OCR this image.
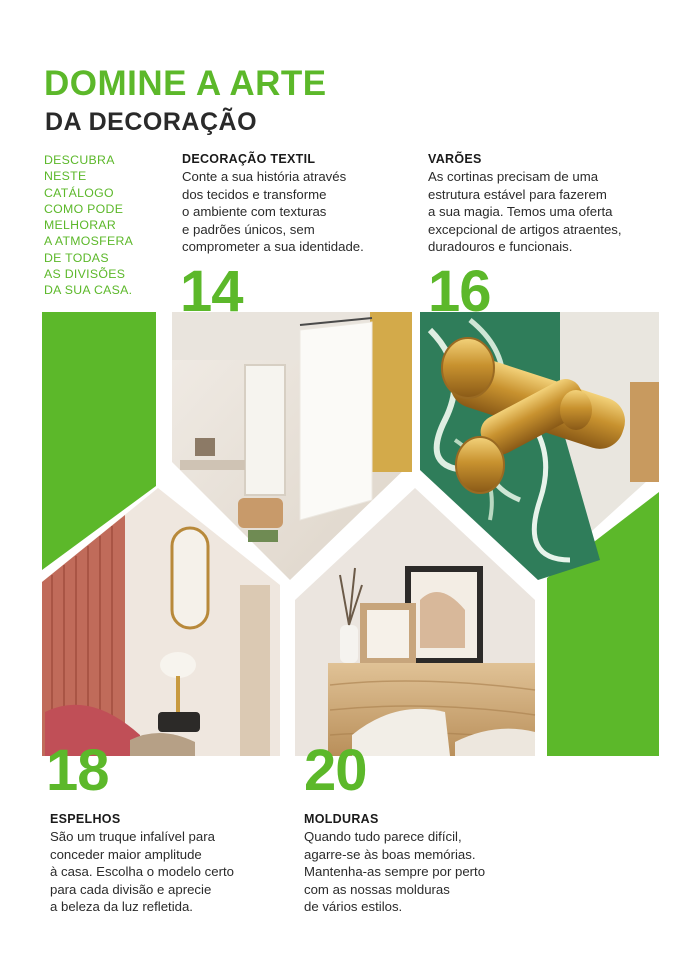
DOMINE A ARTE
DA DECORAÇÃO
DESCUBRA
NESTE
CATÁLOGO
COMO PODE
MELHORAR
A ATMOSFERA
DE TODAS
AS DIVISÕES
DA SUA CASA.
DECORAÇÃO TEXTIL
Conte a sua história através
dos tecidos e transforme
o ambiente com texturas
e padrões únicos, sem
comprometer a sua identidade.
VARÕES
As cortinas precisam de uma
estrutura estável para fazerem
a sua magia. Temos uma oferta
excepcional de artigos atraentes,
duradouros e funcionais.
14	16
18	20
ESPELHOS
São um truque infalível para
conceder maior amplitude
à casa. Escolha o modelo certo
para cada divisão e aprecie
a beleza da luz refletida.
MOLDURAS
Quando tudo parece difícil,
agarre-se às boas memórias.
Mantenha-as sempre por perto
com as nossas molduras
de vários estilos.
